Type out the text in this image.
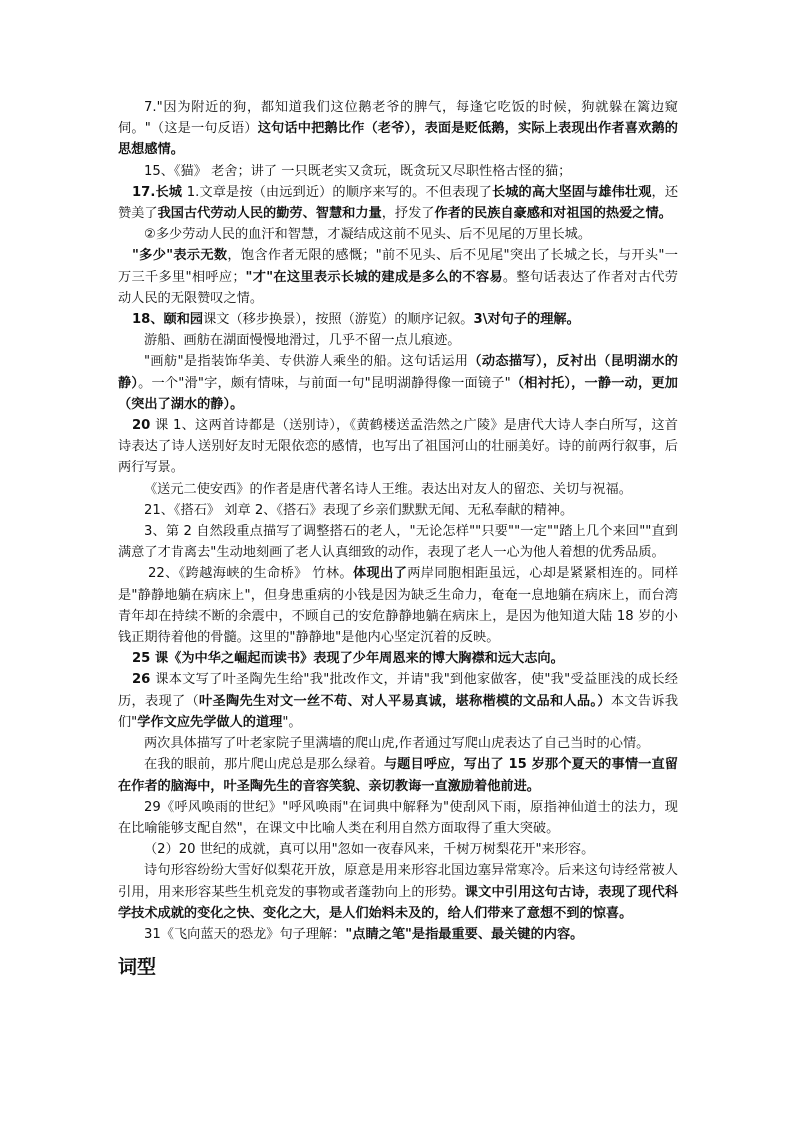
7."因为附近的狗，都知道我们这位鹅老爷的脾气，每逢它吃饭的时候，狗就躲在篱边窥伺。"（这是一句反语）这句话中把鹅比作（老爷），表面是贬低鹅，实际上表现出作者喜欢鹅的思想感情。

15、《猫》 老舍；讲了 一只既老实又贪玩，既贪玩又尽职性格古怪的猫；

17.长城 1.文章是按（由远到近）的顺序来写的。不但表现了长城的高大坚固与雄伟壮观，还赞美了我国古代劳动人民的勤劳、智慧和力量，抒发了作者的民族自豪感和对祖国的热爱之情。

②多少劳动人民的血汗和智慧，才凝结成这前不见头、后不见尾的万里长城。

"多少"表示无数，饱含作者无限的感慨；"前不见头、后不见尾"突出了长城之长，与开头"一万三千多里"相呼应；"才"在这里表示长城的建成是多么的不容易。整句话表达了作者对古代劳动人民的无限赞叹之情。

18、颐和园课文（移步换景），按照（游览）的顺序记叙。3\对句子的理解。

游船、画舫在湖面慢慢地滑过，几乎不留一点儿痕迹。

"画舫"是指装饰华美、专供游人乘坐的船。这句话运用（动态描写），反衬出（昆明湖水的静）。一个"滑"字，颇有情味，与前面一句"昆明湖静得像一面镜子"（相衬托），一静一动，更加（突出了湖水的静）。

20 课 1、这两首诗都是（送别诗），《黄鹤楼送孟浩然之广陵》是唐代大诗人李白所写，这首诗表达了诗人送别好友时无限依恋的感情，也写出了祖国河山的壮丽美好。诗的前两行叙事，后两行写景。

《送元二使安西》的作者是唐代著名诗人王维。表达出对友人的留恋、关切与祝福。

21、《搭石》 刘章 2、《搭石》表现了乡亲们默默无闻、无私奉献的精神。

3、第 2 自然段重点描写了调整搭石的老人，"无论怎样""只要""一定""踏上几个来回""直到满意了才肯离去"生动地刻画了老人认真细致的动作，表现了老人一心为他人着想的优秀品质。

22、《跨越海峡的生命桥》 竹林。体现出了两岸同胞相距虽远，心却是紧紧相连的。同样是"静静地躺在病床上"，但身患重病的小钱是因为缺乏生命力，奄奄一息地躺在病床上，而台湾青年却在持续不断的余震中，不顾自己的安危静静地躺在病床上，是因为他知道大陆 18 岁的小钱正期待着他的骨髓。这里的"静静地"是他内心坚定沉着的反映。

25 课《为中华之崛起而读书》表现了少年周恩来的博大胸襟和远大志向。

26 课本文写了叶圣陶先生给"我"批改作文，并请"我"到他家做客，使"我"受益匪浅的成长经历，表现了（叶圣陶先生对文一丝不苟、对人平易真诚，堪称楷模的文品和人品。）本文告诉我们"学作文应先学做人的道理"。

两次具体描写了叶老家院子里满墙的爬山虎,作者通过写爬山虎表达了自己当时的心情。

在我的眼前，那片爬山虎总是那么绿着。与题目呼应，写出了 15 岁那个夏天的事情一直留在作者的脑海中，叶圣陶先生的音容笑貌、亲切教诲一直激励着他前进。

29《呼风唤雨的世纪》"呼风唤雨"在词典中解释为"使刮风下雨，原指神仙道士的法力，现在比喻能够支配自然"，在课文中比喻人类在利用自然方面取得了重大突破。

（2）20 世纪的成就，真可以用"忽如一夜春风来，千树万树梨花开"来形容。

诗句形容纷纷大雪好似梨花开放，原意是用来形容北国边塞异常寒冷。后来这句诗经常被人引用，用来形容某些生机竞发的事物或者蓬勃向上的形势。课文中引用这句古诗，表现了现代科学技术成就的变化之快、变化之大，是人们始料未及的，给人们带来了意想不到的惊喜。

31《飞向蓝天的恐龙》句子理解："点睛之笔"是指最重要、最关键的内容。

词型
